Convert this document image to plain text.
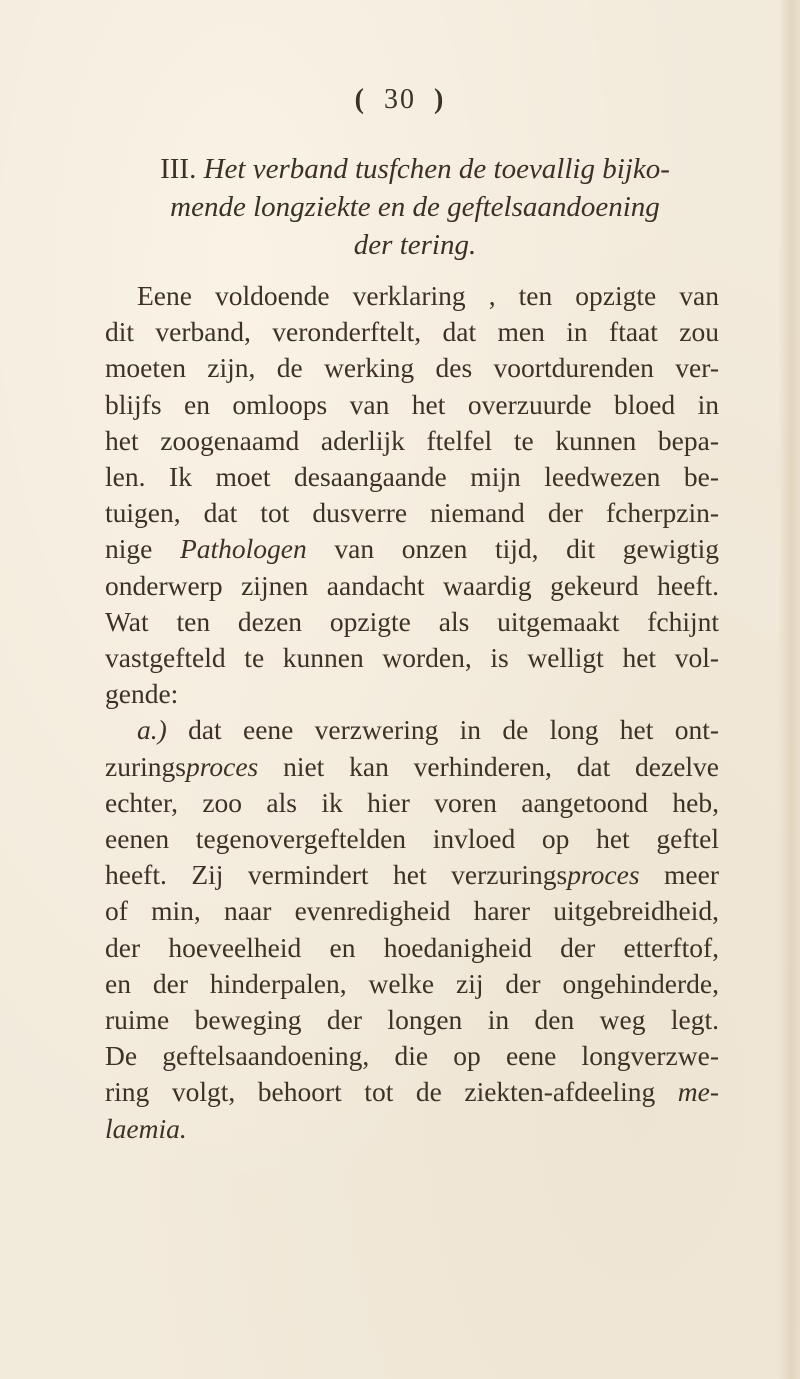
( 30 )
III. Het verband tusfchen de toevallig bijko-
mende longziekte en de geftelsaandoening
der tering.
Eene voldoende verklaring , ten opzigte van
dit verband, veronderftelt, dat men in ftaat zou
moeten zijn, de werking des voortdurenden ver-
blijfs en omloops van het overzuurde bloed in
het zoogenaamd aderlijk ftelfel te kunnen bepa-
len. Ik moet desaangaande mijn leedwezen be-
tuigen, dat tot dusverre niemand der fcherpzin-
nige Pathologen van onzen tijd, dit gewigtig
onderwerp zijnen aandacht waardig gekeurd heeft.
Wat ten dezen opzigte als uitgemaakt fchijnt
vastgefteld te kunnen worden, is welligt het vol-
gende:
a.) dat eene verzwering in de long het ont-
zuringsproces niet kan verhinderen, dat dezelve
echter, zoo als ik hier voren aangetoond heb,
eenen tegenovergeftelden invloed op het geftel
heeft. Zij vermindert het verzuringsproces meer
of min, naar evenredigheid harer uitgebreidheid,
der hoeveelheid en hoedanigheid der etterftof,
en der hinderpalen, welke zij der ongehinderde,
ruime beweging der longen in den weg legt.
De geftelsaandoening, die op eene longverzwe-
ring volgt, behoort tot de ziekten-afdeeling me-
laemia.
